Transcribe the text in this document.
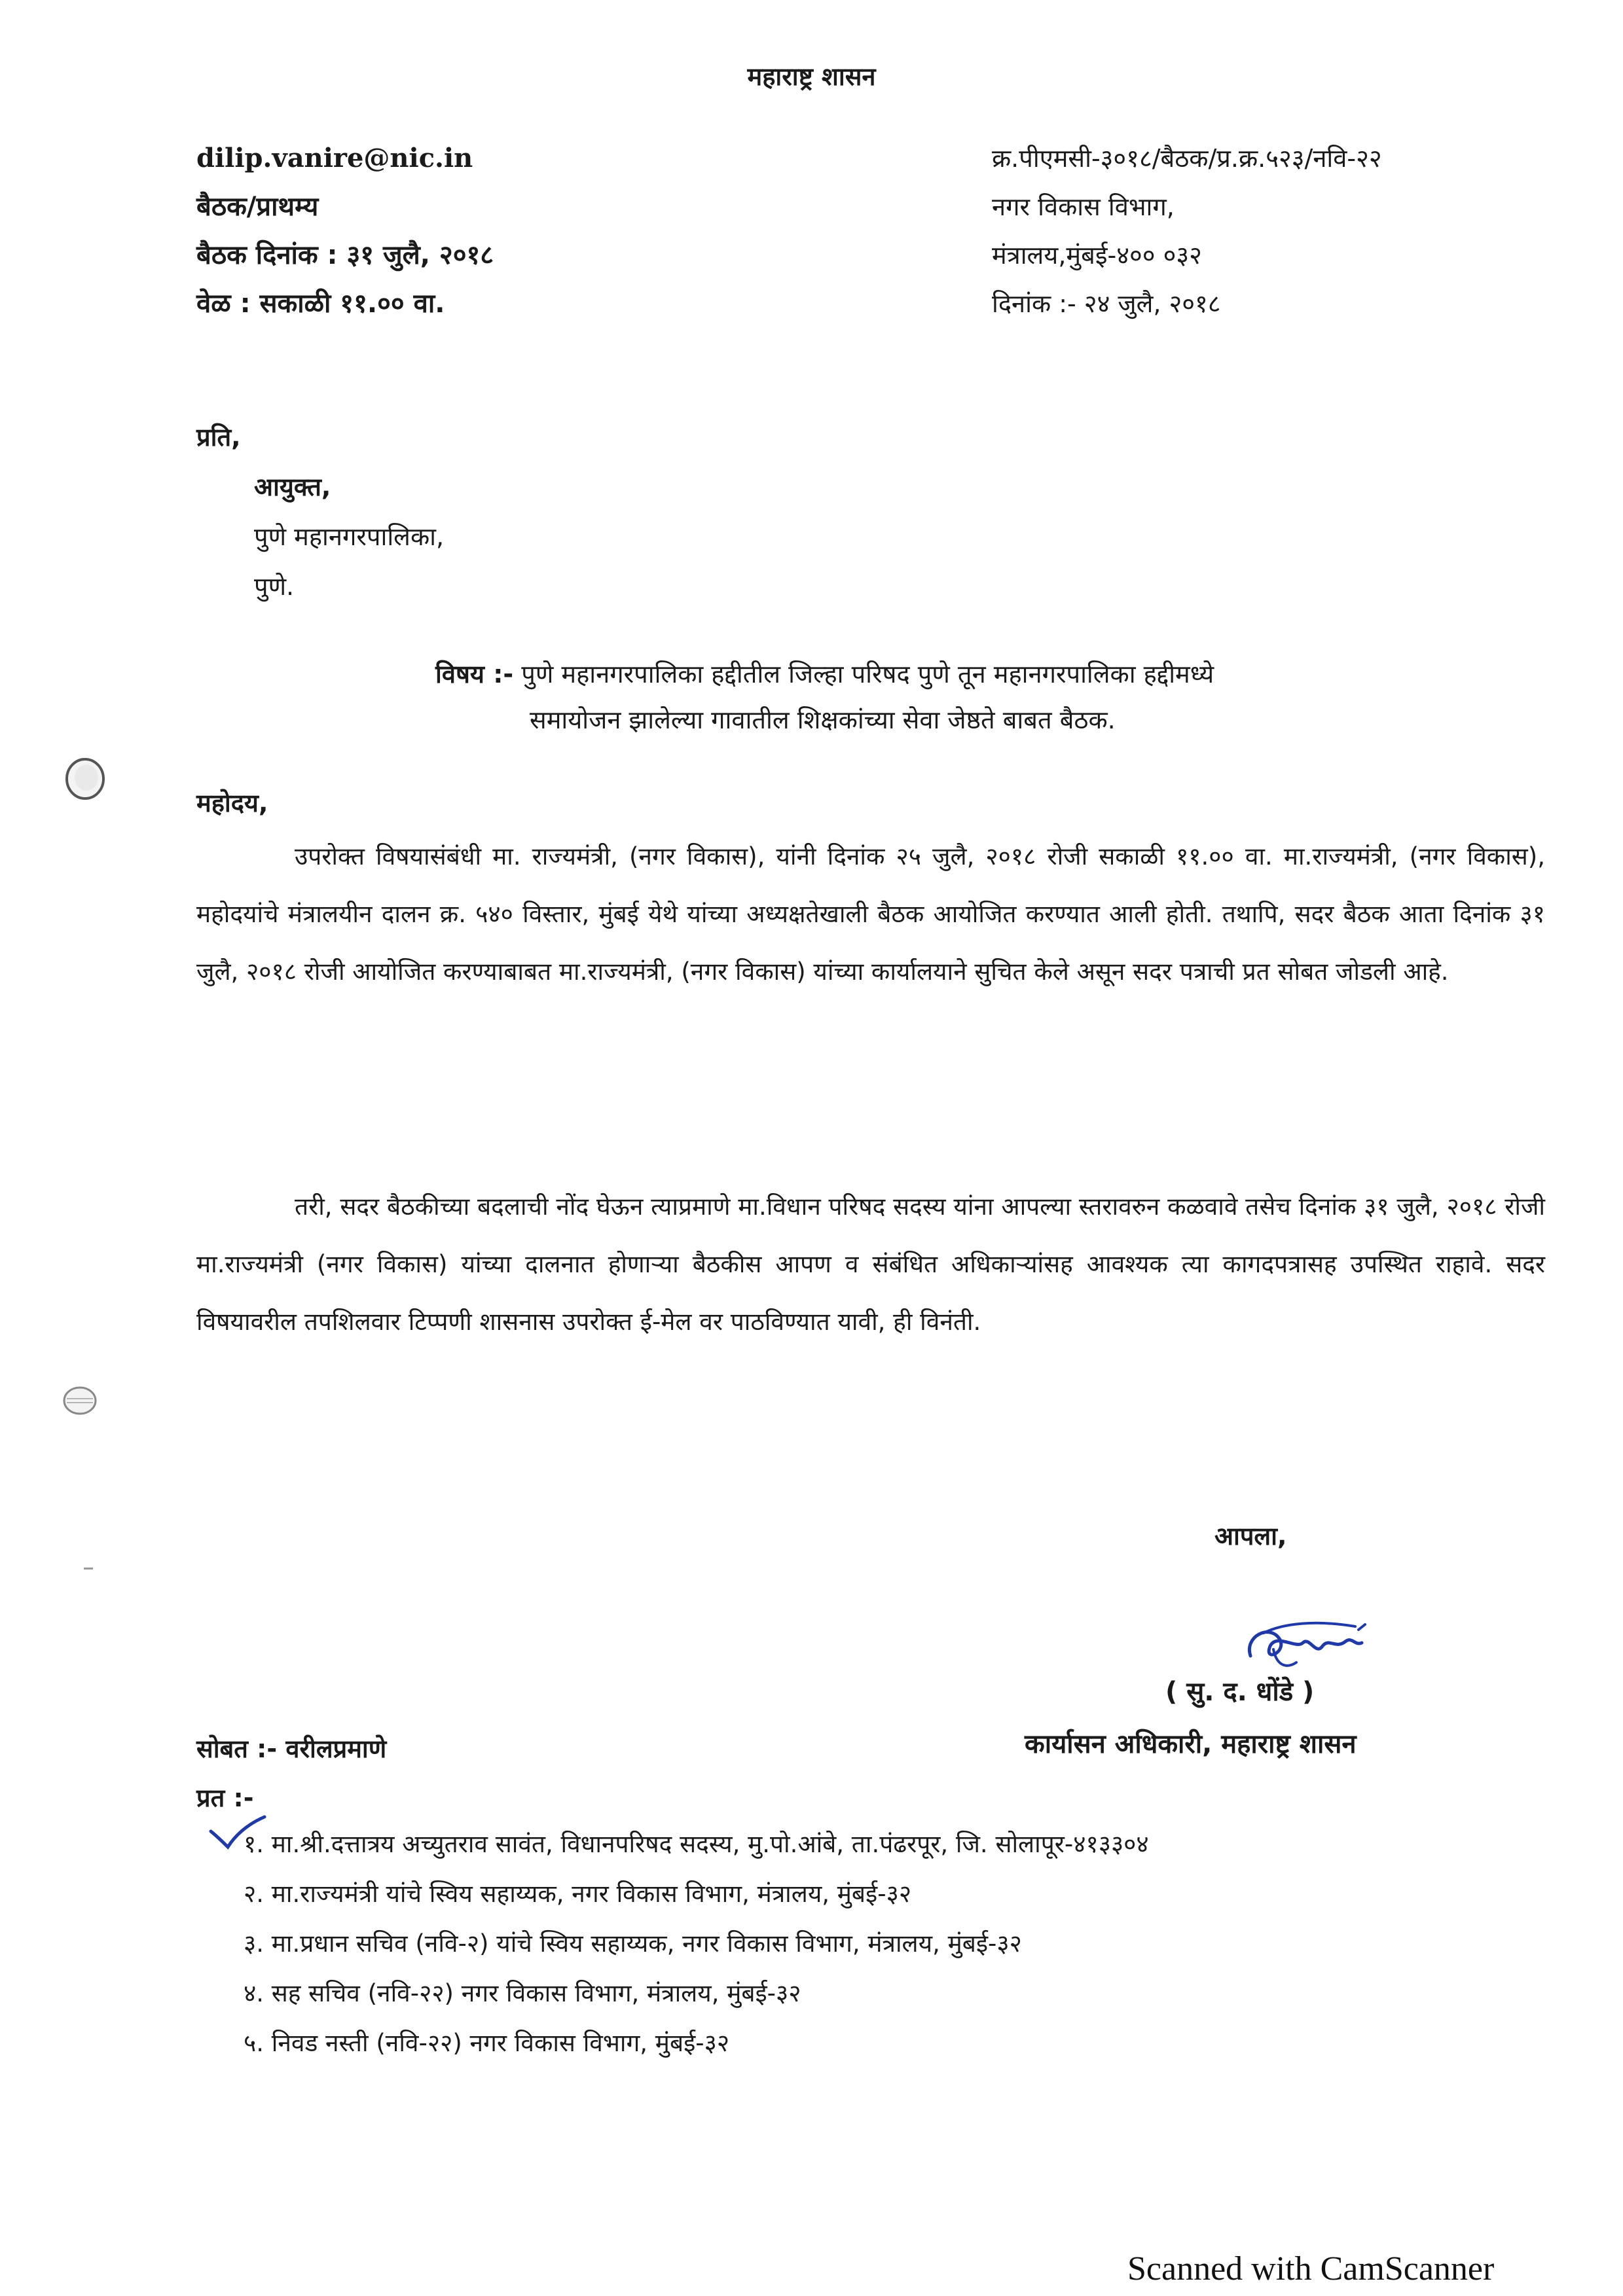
महाराष्ट्र शासन
dilip.vanire@nic.in
बैठक/प्राथम्य
बैठक दिनांक : ३१ जुलै, २०१८
वेळ : सकाळी ११.०० वा.
क्र.पीएमसी-३०१८/बैठक/प्र.क्र.५२३/नवि-२२
नगर विकास विभाग,
मंत्रालय,मुंबई-४०० ०३२
दिनांक :- २४ जुलै, २०१८
प्रति,
आयुक्त,
पुणे महानगरपालिका,
पुणे.
विषय :- पुणे महानगरपालिका हद्दीतील जिल्हा परिषद पुणे तून महानगरपालिका हद्दीमध्ये
समायोजन झालेल्या गावातील शिक्षकांच्या सेवा जेष्ठते बाबत बैठक.
महोदय,
उपरोक्त विषयासंबंधी मा. राज्यमंत्री, (नगर विकास), यांनी दिनांक २५ जुलै, २०१८ रोजी सकाळी ११.०० वा. मा.राज्यमंत्री, (नगर विकास), महोदयांचे मंत्रालयीन दालन क्र. ५४० विस्तार, मुंबई येथे यांच्या अध्यक्षतेखाली बैठक आयोजित करण्यात आली होती. तथापि, सदर बैठक आता दिनांक ३१ जुलै, २०१८ रोजी आयोजित करण्याबाबत मा.राज्यमंत्री, (नगर विकास) यांच्या कार्यालयाने सुचित केले असून सदर पत्राची प्रत सोबत जोडली आहे.
तरी, सदर बैठकीच्या बदलाची नोंद घेऊन त्याप्रमाणे मा.विधान परिषद सदस्य यांना आपल्या स्तरावरुन कळवावे तसेच दिनांक ३१ जुलै, २०१८ रोजी मा.राज्यमंत्री (नगर विकास) यांच्या दालनात होणाऱ्या बैठकीस आपण व संबंधित अधिकाऱ्यांसह आवश्यक त्या कागदपत्रासह उपस्थित राहावे. सदर विषयावरील तपशिलवार टिप्पणी शासनास उपरोक्त ई-मेल वर पाठविण्यात यावी, ही विनंती.
आपला,
( सु. द. धोंडे )
कार्यासन अधिकारी, महाराष्ट्र शासन
सोबत :- वरीलप्रमाणे
प्रत :-
१. मा.श्री.दत्तात्रय अच्युतराव सावंत, विधानपरिषद सदस्य, मु.पो.आंबे, ता.पंढरपूर, जि. सोलापूर-४१३३०४
२. मा.राज्यमंत्री यांचे स्विय सहाय्यक, नगर विकास विभाग, मंत्रालय, मुंबई-३२
३. मा.प्रधान सचिव (नवि-२) यांचे स्विय सहाय्यक, नगर विकास विभाग, मंत्रालय, मुंबई-३२
४. सह सचिव (नवि-२२) नगर विकास विभाग, मंत्रालय, मुंबई-३२
५. निवड नस्ती (नवि-२२) नगर विकास विभाग, मुंबई-३२
Scanned with CamScanner
